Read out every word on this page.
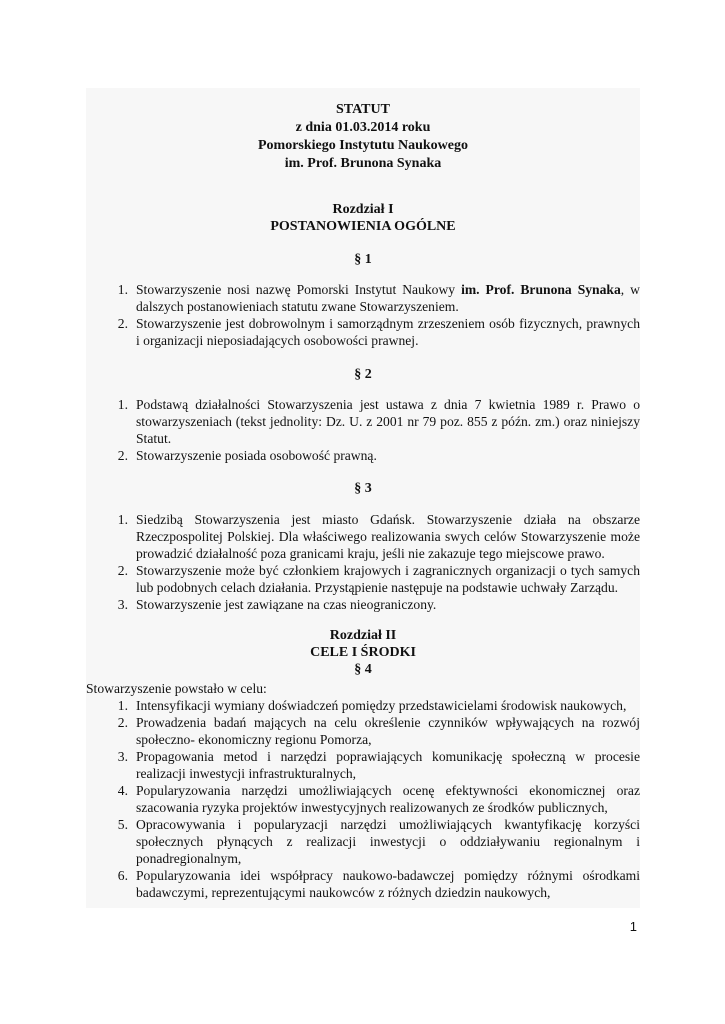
STATUT
z dnia 01.03.2014 roku
Pomorskiego Instytutu Naukowego
im. Prof. Brunona Synaka
Rozdział I
POSTANOWIENIA OGÓLNE
§ 1
1. Stowarzyszenie nosi nazwę Pomorski Instytut Naukowy im. Prof. Brunona Synaka, w dalszych postanowieniach statutu zwane Stowarzyszeniem.
2. Stowarzyszenie jest dobrowolnym i samorządnym zrzeszeniem osób fizycznych, prawnych i organizacji nieposiadających osobowości prawnej.
§ 2
1. Podstawą działalności Stowarzyszenia jest ustawa z dnia 7 kwietnia 1989 r. Prawo o stowarzyszeniach (tekst jednolity: Dz. U. z 2001 nr 79 poz. 855 z późn. zm.) oraz niniejszy Statut.
2. Stowarzyszenie posiada osobowość prawną.
§ 3
1. Siedzibą Stowarzyszenia jest miasto Gdańsk. Stowarzyszenie działa na obszarze Rzeczpospolitej Polskiej. Dla właściwego realizowania swych celów Stowarzyszenie może prowadzić działalność poza granicami kraju, jeśli nie zakazuje tego miejscowe prawo.
2. Stowarzyszenie może być członkiem krajowych i zagranicznych organizacji o tych samych lub podobnych celach działania. Przystąpienie następuje na podstawie uchwały Zarządu.
3. Stowarzyszenie jest zawiązane na czas nieograniczony.
Rozdział II
CELE I ŚRODKI
§ 4
Stowarzyszenie powstało w celu:
1. Intensyfikacji wymiany doświadczeń pomiędzy przedstawicielami środowisk naukowych,
2. Prowadzenia badań mających na celu określenie czynników wpływających na rozwój społeczno- ekonomiczny regionu Pomorza,
3. Propagowania metod i narzędzi poprawiających komunikację społeczną w procesie realizacji inwestycji infrastrukturalnych,
4. Popularyzowania narzędzi umożliwiających ocenę efektywności ekonomicznej oraz szacowania ryzyka projektów inwestycyjnych realizowanych ze środków publicznych,
5. Opracowywania i popularyzacji narzędzi umożliwiających kwantyfikację korzyści społecznych płynących z realizacji inwestycji o oddziaływaniu regionalnym i ponadregionalnym,
6. Popularyzowania idei współpracy naukowo-badawczej pomiędzy różnymi ośrodkami badawczymi, reprezentującymi naukowców z różnych dziedzin naukowych,
1
